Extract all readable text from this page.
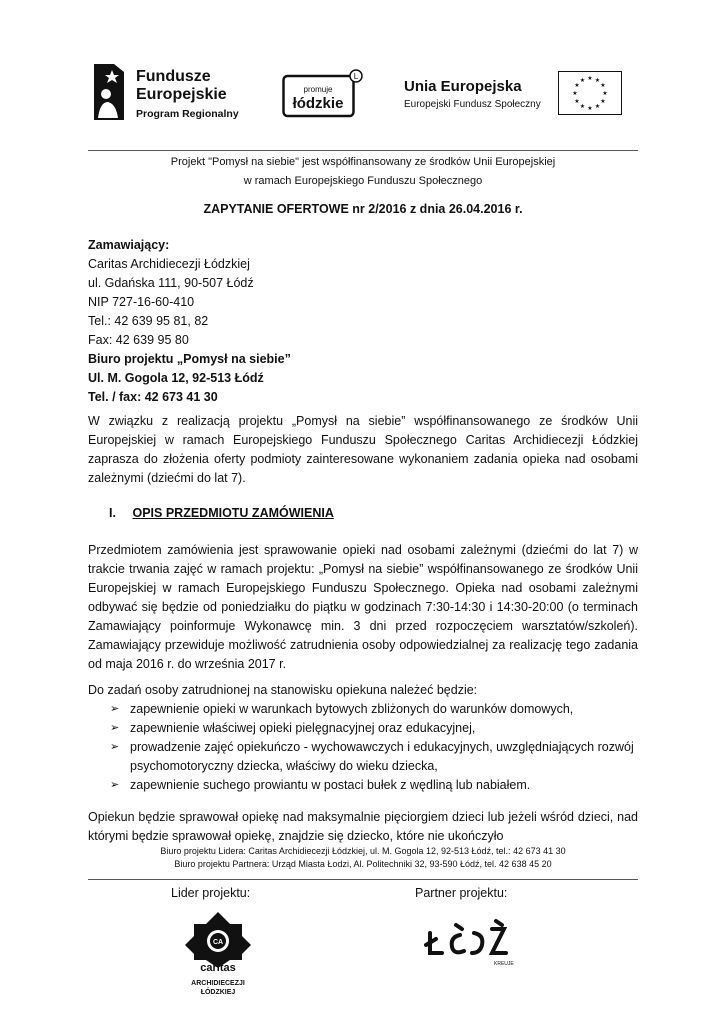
Fundusze
Europejskie
Program Regionalny
L
promuje
łódzkie
Unia Europejska
Europejski Fundusz Społeczny
★ ★
★
★
★
★
★
★
★
★
★
★
Projekt "Pomysł na siebie" jest współfinansowany ze środków Unii Europejskiej
w ramach Europejskiego Funduszu Społecznego
ZAPYTANIE OFERTOWE nr 2/2016 z dnia 26.04.2016 r.
Zamawiający:
Caritas Archidiecezji Łódzkiej
ul. Gdańska 111, 90-507 Łódź
NIP 727-16-60-410
Tel.: 42 639 95 81, 82
Fax: 42 639 95 80
Biuro projektu „Pomysł na siebie”
Ul. M. Gogola 12, 92-513 Łódź
Tel. / fax: 42 673 41 30
W związku z realizacją projektu „Pomysł na siebie” współfinansowanego ze środków Unii Europejskiej w ramach Europejskiego Funduszu Społecznego Caritas Archidiecezji Łódzkiej zaprasza do złożenia oferty podmioty zainteresowane wykonaniem zadania opieka nad osobami zależnymi (dziećmi do lat 7).
I. OPIS PRZEDMIOTU ZAMÓWIENIA
Przedmiotem zamówienia jest sprawowanie opieki nad osobami zależnymi (dziećmi do lat 7) w trakcie trwania zajęć w ramach projektu: „Pomysł na siebie” współfinansowanego ze środków Unii Europejskiej w ramach Europejskiego Funduszu Społecznego. Opieka nad osobami zależnymi odbywać się będzie od poniedziałku do piątku w godzinach 7:30-14:30 i 14:30-20:00 (o terminach Zamawiający poinformuje Wykonawcę min. 3 dni przed rozpoczęciem warsztatów/szkoleń). Zamawiający przewiduje możliwość zatrudnienia osoby odpowiedzialnej za realizację tego zadania od maja 2016 r. do września 2017 r.
Do zadań osoby zatrudnionej na stanowisku opiekuna należeć będzie:
➢ zapewnienie opieki w warunkach bytowych zbliżonych do warunków domowych,
➢ zapewnienie właściwej opieki pielęgnacyjnej oraz edukacyjnej,
➢ prowadzenie zajęć opiekuńczo - wychowawczych i edukacyjnych, uwzględniających rozwój psychomotoryczny dziecka, właściwy do wieku dziecka,
➢ zapewnienie suchego prowiantu w postaci bułek z wędliną lub nabiałem.
Opiekun będzie sprawował opiekę nad maksymalnie pięciorgiem dzieci lub jeżeli wśród dzieci, nad którymi będzie sprawował opiekę, znajdzie się dziecko, które nie ukończyło
Biuro projektu Lidera: Caritas Archidiecezji Łódzkiej, ul. M. Gogola 12, 92-513 Łódź, tel.: 42 673 41 30
Biuro projektu Partnera: Urząd Miasta Łodzi, Al. Politechniki 32, 93-590 Łódź, tel. 42 638 45 20
Lider projektu:	Partner projektu:
CA
caritas
ARCHIDIECEZJI
ŁÓDZKIEJ
KREUJE
